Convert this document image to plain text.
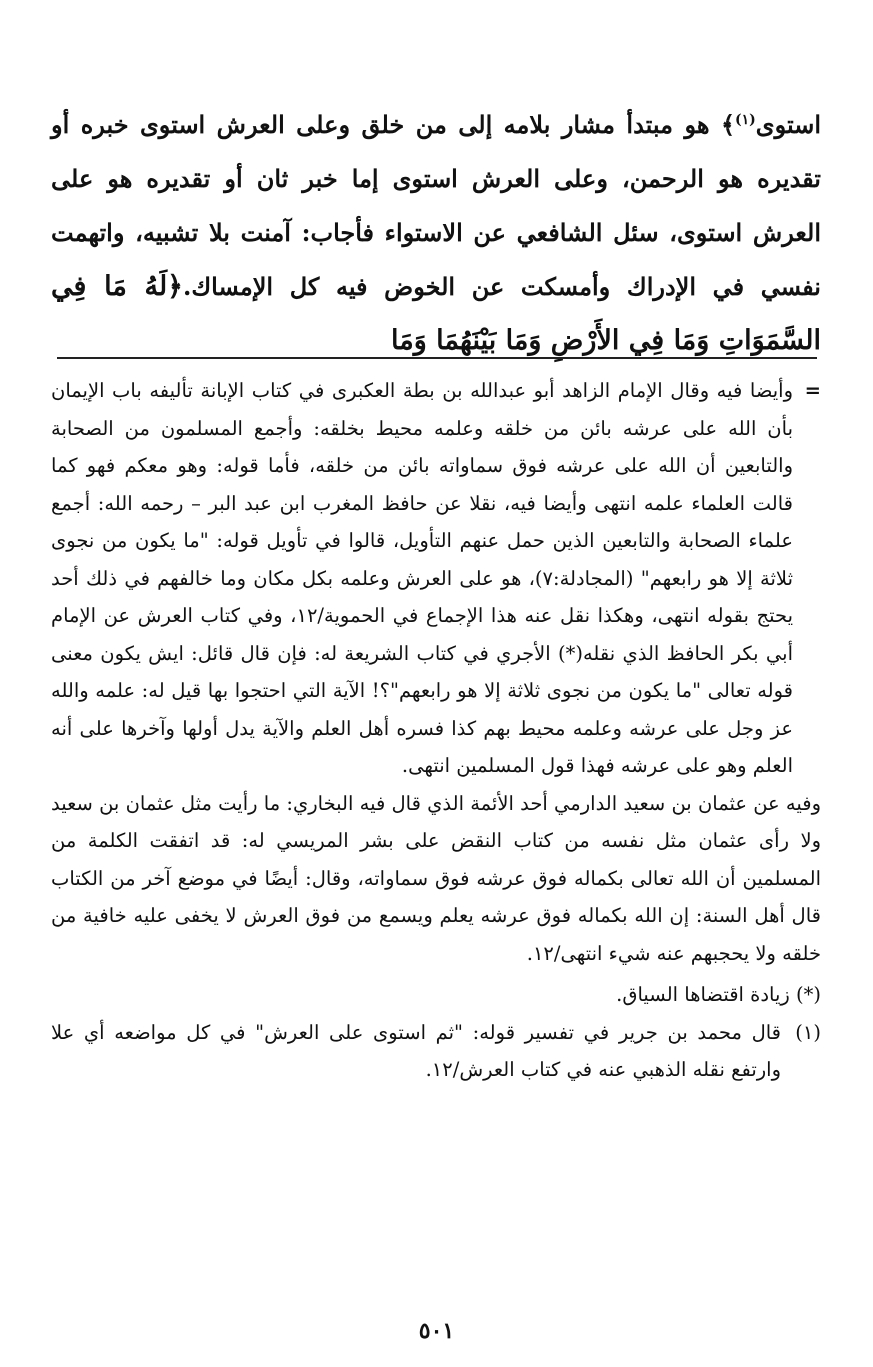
استوى$^{(١)}$﴾ هو مبتدأ مشار بلامه إلى من خلق وعلى العرش استوى خبره أو تقديره هو الرحمن، وعلى العرش استوى إما خبر ثان أو تقديره هو على العرش استوى، سئل الشافعي عن الاستواء فأجاب: آمنت بلا تشبيه، واتهمت نفسي في الإدراك وأمسكت عن الخوض فيه كل الإمساك.﴿لَهُ مَا فِي السَّمَوَاتِ وَمَا فِي الأَرْضِ وَمَا بَيْنَهُمَا وَمَا

=
وأيضا فيه وقال الإمام الزاهد أبو عبدالله بن بطة العكبرى في كتاب الإبانة تأليفه باب الإيمان بأن الله على عرشه بائن من خلقه وعلمه محيط بخلقه: وأجمع المسلمون من الصحابة والتابعين أن الله على عرشه فوق سماواته بائن من خلقه، فأما قوله: وهو معكم فهو كما قالت العلماء علمه انتهى وأيضا فيه، نقلا عن حافظ المغرب ابن عبد البر – رحمه الله: أجمع علماء الصحابة والتابعين الذين حمل عنهم التأويل، قالوا في تأويل قوله: "ما يكون من نجوى ثلاثة إلا هو رابعهم" (المجادلة:٧)، هو على العرش وعلمه بكل مكان وما خالفهم في ذلك أحد يحتج بقوله انتهى، وهكذا نقل عنه هذا الإجماع في الحموية/١٢، وفي كتاب العرش عن الإمام أبي بكر الحافظ الذي نقله(*) الأجري في كتاب الشريعة له: فإن قال قائل: ايش يكون معنى قوله تعالى "ما يكون من نجوى ثلاثة إلا هو رابعهم"؟! الآية التي احتجوا بها قيل له: علمه والله عز وجل على عرشه وعلمه محيط بهم كذا فسره أهل العلم والآية يدل أولها وآخرها على أنه العلم وهو على عرشه فهذا قول المسلمين انتهى.

وفيه عن عثمان بن سعيد الدارمي أحد الأئمة الذي قال فيه البخاري: ما رأيت مثل عثمان بن سعيد ولا رأى عثمان مثل نفسه من كتاب النقض على بشر المريسي له: قد اتفقت الكلمة من المسلمين أن الله تعالى بكماله فوق عرشه فوق سماواته، وقال: أيضًا في موضع آخر من الكتاب قال أهل السنة: إن الله بكماله فوق عرشه يعلم ويسمع من فوق العرش لا يخفى عليه خافية من خلقه ولا يحجبهم عنه شيء انتهى/١٢.

(*) زيادة اقتضاها السياق.

(١)
قال محمد بن جرير في تفسير قوله: "ثم استوى على العرش" في كل مواضعه أي علا وارتفع نقله الذهبي عنه في كتاب العرش/١٢.

٥٠١
